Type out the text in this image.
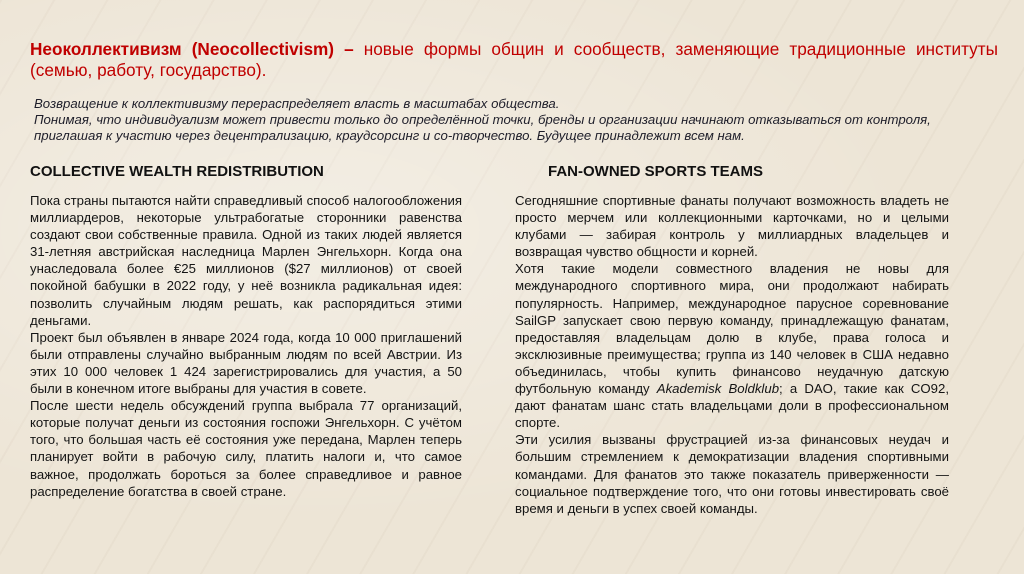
Неоколлективизм (Neocollectivism) – новые формы общин и сообществ, заменяющие традиционные институты (семью, работу, государство).
Возвращение к коллективизму перераспределяет власть в масштабах общества.
Понимая, что индивидуализм может привести только до определённой точки, бренды и организации начинают отказываться от контроля, приглашая к участию через децентрализацию, краудсорсинг и со-творчество. Будущее принадлежит всем нам.
COLLECTIVE WEALTH REDISTRIBUTION	FAN-OWNED SPORTS TEAMS

Пока страны пытаются найти справедливый способ налогообложения миллиардеров, некоторые ультрабогатые сторонники равенства создают свои собственные правила. Одной из таких людей является 31-летняя австрийская наследница Марлен Энгельхорн. Когда она унаследовала более €25 миллионов ($27 миллионов) от своей покойной бабушки в 2022 году, у неё возникла радикальная идея: позволить случайным людям решать, как распорядиться этими деньгами.

Проект был объявлен в январе 2024 года, когда 10 000 приглашений были отправлены случайно выбранным людям по всей Австрии. Из этих 10 000 человек 1 424 зарегистрировались для участия, а 50 были в конечном итоге выбраны для участия в совете.

После шести недель обсуждений группа выбрала 77 организаций, которые получат деньги из состояния госпожи Энгельхорн. С учётом того, что большая часть её состояния уже передана, Марлен теперь планирует войти в рабочую силу, платить налоги и, что самое важное, продолжать бороться за более справедливое и равное распределение богатства в своей стране.

Сегодняшние спортивные фанаты получают возможность владеть не просто мерчем или коллекционными карточками, но и целыми клубами — забирая контроль у миллиардных владельцев и возвращая чувство общности и корней.

Хотя такие модели совместного владения не новы для международного спортивного мира, они продолжают набирать популярность. Например, международное парусное соревнование SailGP запускает свою первую команду, принадлежащую фанатам, предоставляя владельцам долю в клубе, права голоса и эксклюзивные преимущества; группа из 140 человек в США недавно объединилась, чтобы купить финансово неудачную датскую футбольную команду Akademisk Boldklub; а DAO, такие как CO92, дают фанатам шанс стать владельцами доли в профессиональном спорте.

Эти усилия вызваны фрустрацией из-за финансовых неудач и большим стремлением к демократизации владения спортивными командами. Для фанатов это также показатель приверженности — социальное подтверждение того, что они готовы инвестировать своё время и деньги в успех своей команды.
